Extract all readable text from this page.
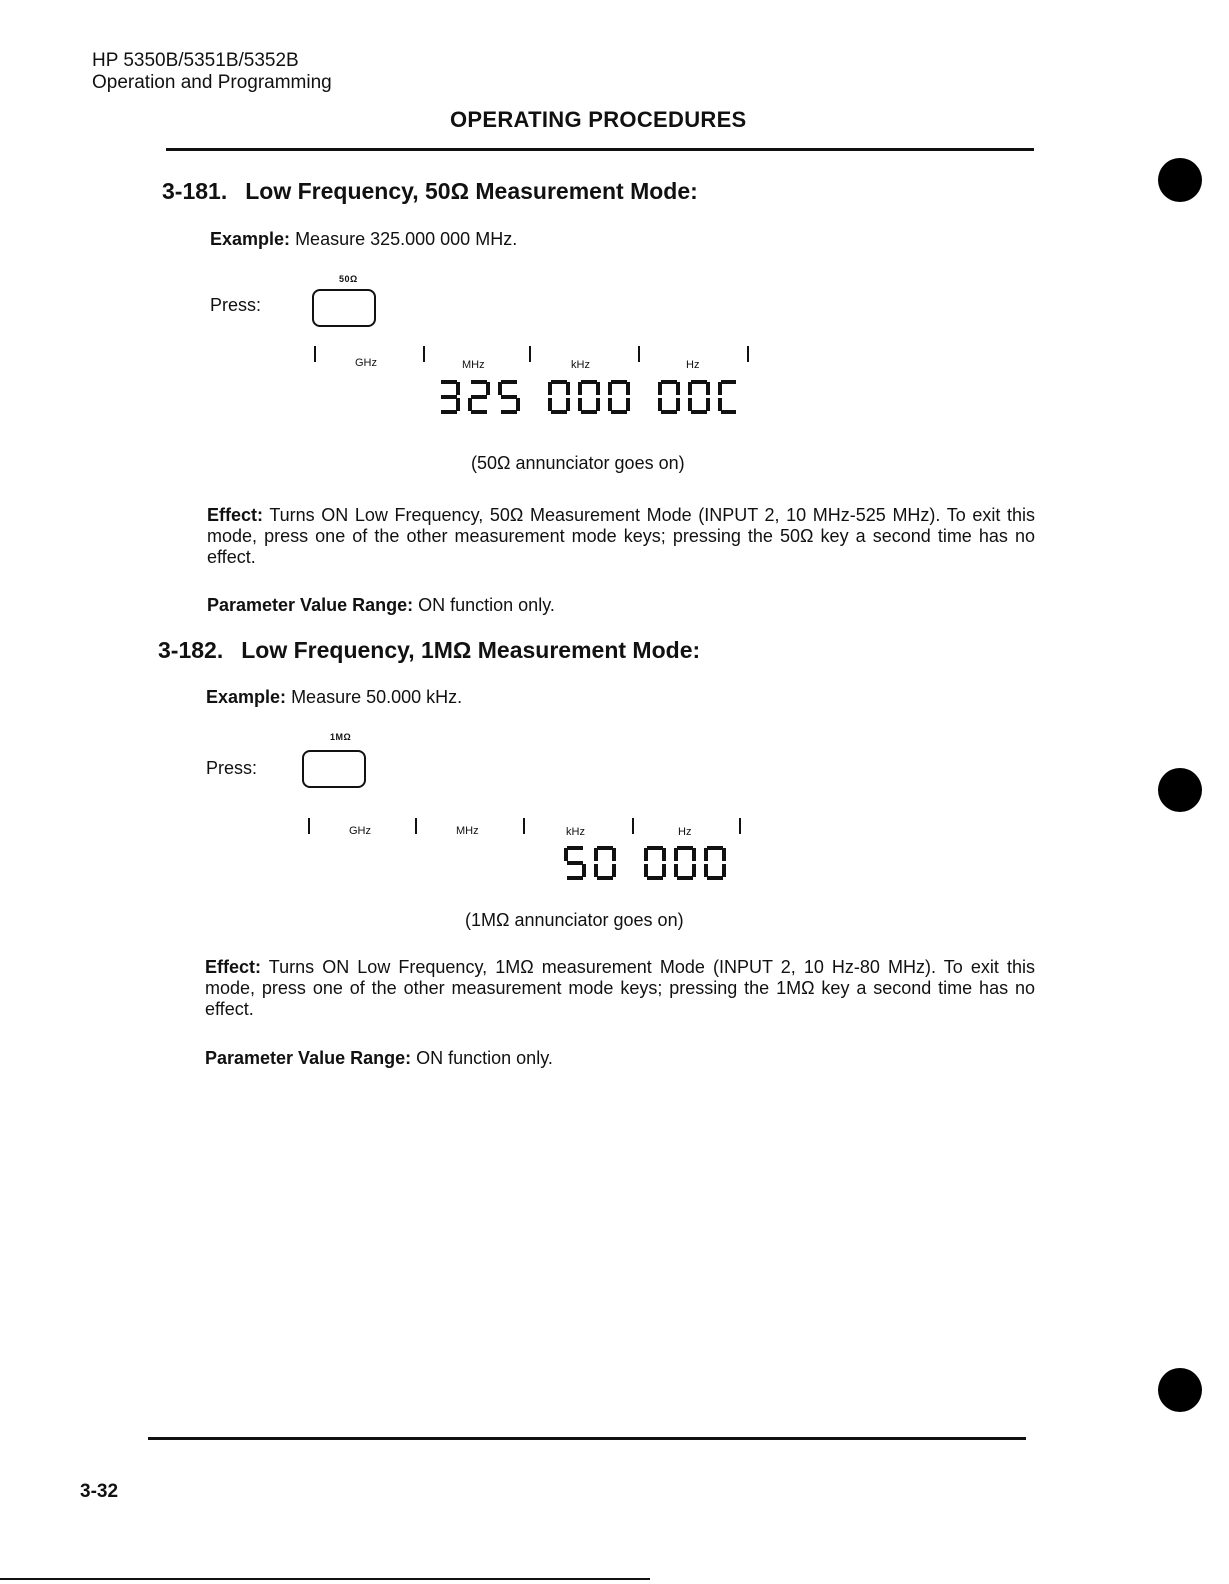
HP 5350B/5351B/5352B
Operation and Programming
OPERATING PROCEDURES
3-181. Low Frequency, 50Ω Measurement Mode:
Example: Measure 325.000 000 MHz.
50Ω
Press:
GHz	MHz	kHz	Hz
(50Ω annunciator goes on)
Effect: Turns ON Low Frequency, 50Ω Measurement Mode (INPUT 2, 10 MHz-525 MHz). To exit this mode, press one of the other measurement mode keys; pressing the 50Ω key a second time has no effect.
Parameter Value Range: ON function only.
3-182. Low Frequency, 1MΩ Measurement Mode:
Example: Measure 50.000 kHz.
1MΩ
Press:
GHz	MHz	kHz	Hz
(1MΩ annunciator goes on)
Effect: Turns ON Low Frequency, 1MΩ measurement Mode (INPUT 2, 10 Hz-80 MHz). To exit this mode, press one of the other measurement mode keys; pressing the 1MΩ key a second time has no effect.
Parameter Value Range: ON function only.
3-32
